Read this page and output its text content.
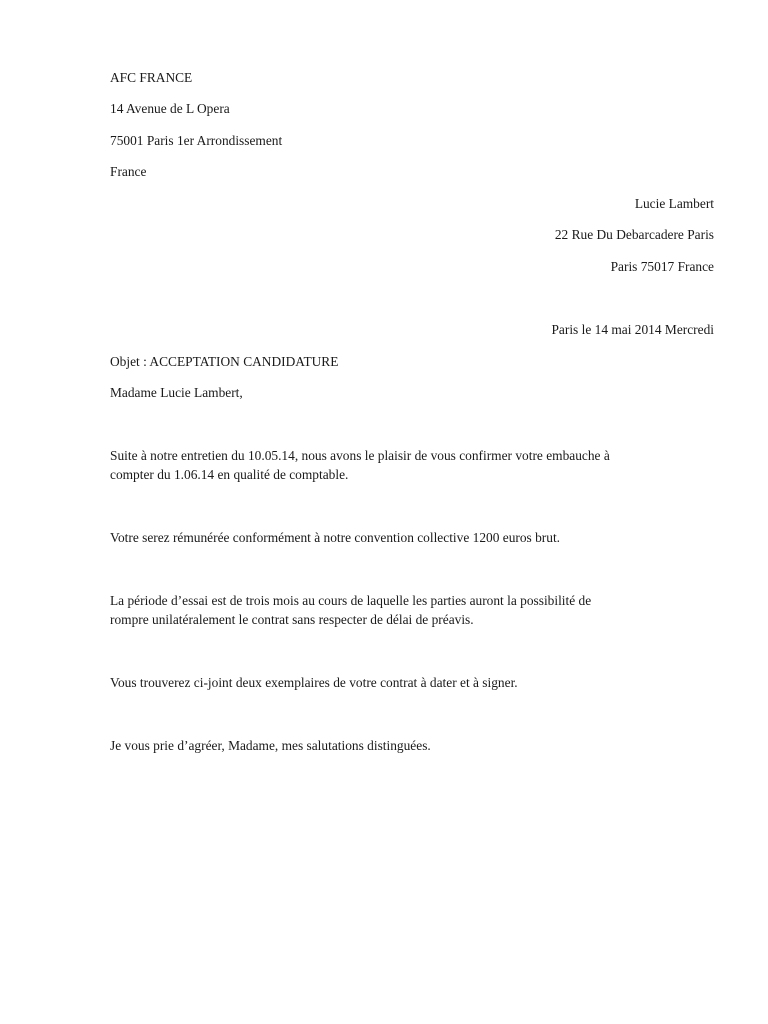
AFC FRANCE
14 Avenue de L Opera
75001 Paris 1er Arrondissement
France
Lucie Lambert
22 Rue Du Debarcadere Paris
Paris 75017 France
Paris le 14 mai 2014 Mercredi
Objet : ACCEPTATION CANDIDATURE
Madame Lucie Lambert,
Suite à notre entretien du 10.05.14, nous avons le plaisir de vous confirmer votre embauche à
compter du 1.06.14 en qualité de comptable.
Votre serez rémunérée conformément à notre convention collective 1200 euros brut.
La période d’essai est de trois mois au cours de laquelle les parties auront la possibilité de
rompre unilatéralement le contrat sans respecter de délai de préavis.
Vous trouverez ci-joint deux exemplaires de votre contrat à dater et à signer.
Je vous prie d’agréer, Madame, mes salutations distinguées.
